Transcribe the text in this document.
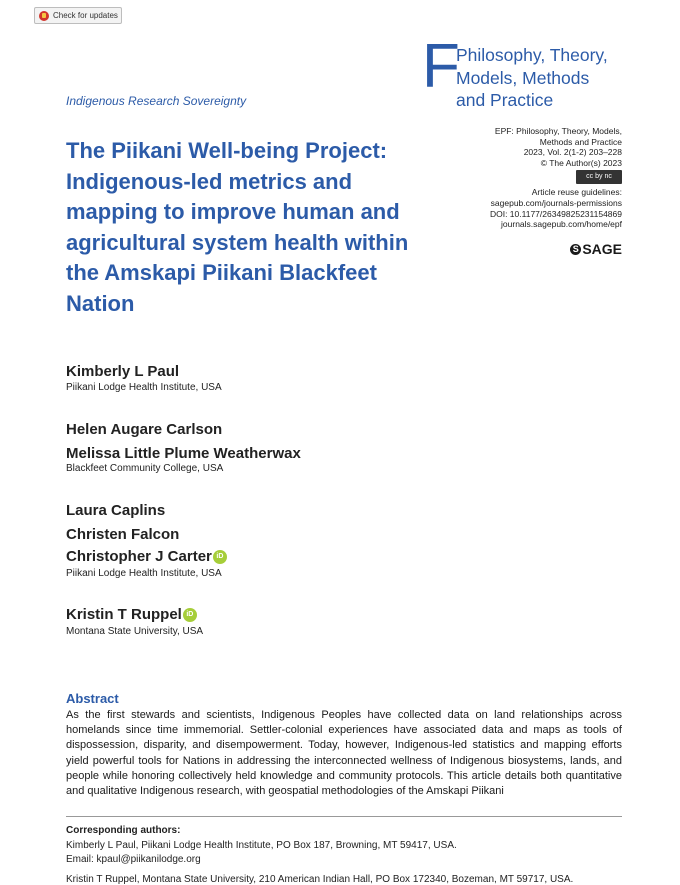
Check for updates
F
Philosophy, Theory,
Models, Methods
and Practice
Indigenous Research Sovereignty
The Piikani Well-being Project: Indigenous-led metrics and mapping to improve human and agricultural system health within the Amskapi Piikani Blackfeet Nation
EPF: Philosophy, Theory, Models,
Methods and Practice
2023, Vol. 2(1-2) 203–228
© The Author(s) 2023
cc by nc
Article reuse guidelines:
sagepub.com/journals-permissions
DOI: 10.1177/26349825231154869
journals.sagepub.com/home/epf
S SAGE
Kimberly L Paul
Piikani Lodge Health Institute, USA
Helen Augare Carlson
Melissa Little Plume Weatherwax
Blackfeet Community College, USA
Laura Caplins
Christen Falcon
Christopher J Carter iD
Piikani Lodge Health Institute, USA
Kristin T Ruppel iD
Montana State University, USA
Abstract
As the first stewards and scientists, Indigenous Peoples have collected data on land relationships across homelands since time immemorial. Settler-colonial experiences have associated data and maps as tools of dispossession, disparity, and disempowerment. Today, however, Indigenous-led statistics and mapping efforts yield powerful tools for Nations in addressing the interconnected wellness of Indigenous biosystems, lands, and people while honoring collectively held knowledge and community protocols. This article details both quantitative and qualitative Indigenous research, with geospatial methodologies of the Amskapi Piikani
Corresponding authors:
Kimberly L Paul, Piikani Lodge Health Institute, PO Box 187, Browning, MT 59417, USA.
Email: kpaul@piikanilodge.org
Kristin T Ruppel, Montana State University, 210 American Indian Hall, PO Box 172340, Bozeman, MT 59717, USA.
